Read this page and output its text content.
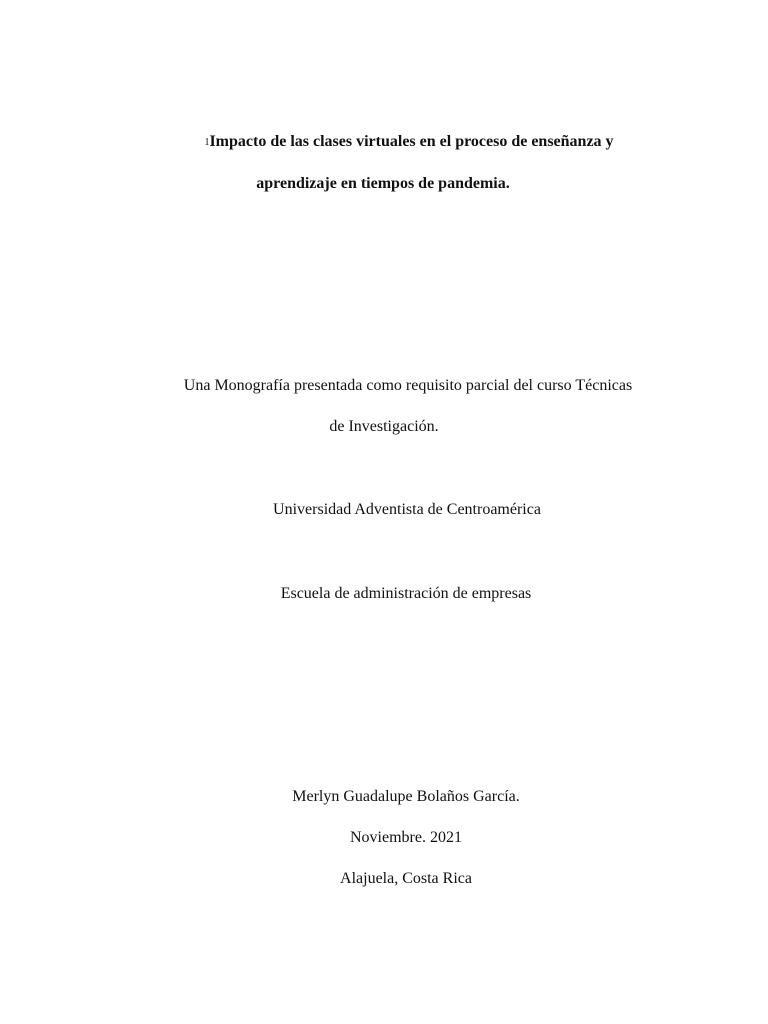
1Impacto de las clases virtuales en el proceso de enseñanza y
aprendizaje en tiempos de pandemia.
Una Monografía presentada como requisito parcial del curso Técnicas
de Investigación.
Universidad Adventista de Centroamérica
Escuela de administración de empresas
Merlyn Guadalupe Bolaños García.
Noviembre. 2021
Alajuela, Costa Rica
